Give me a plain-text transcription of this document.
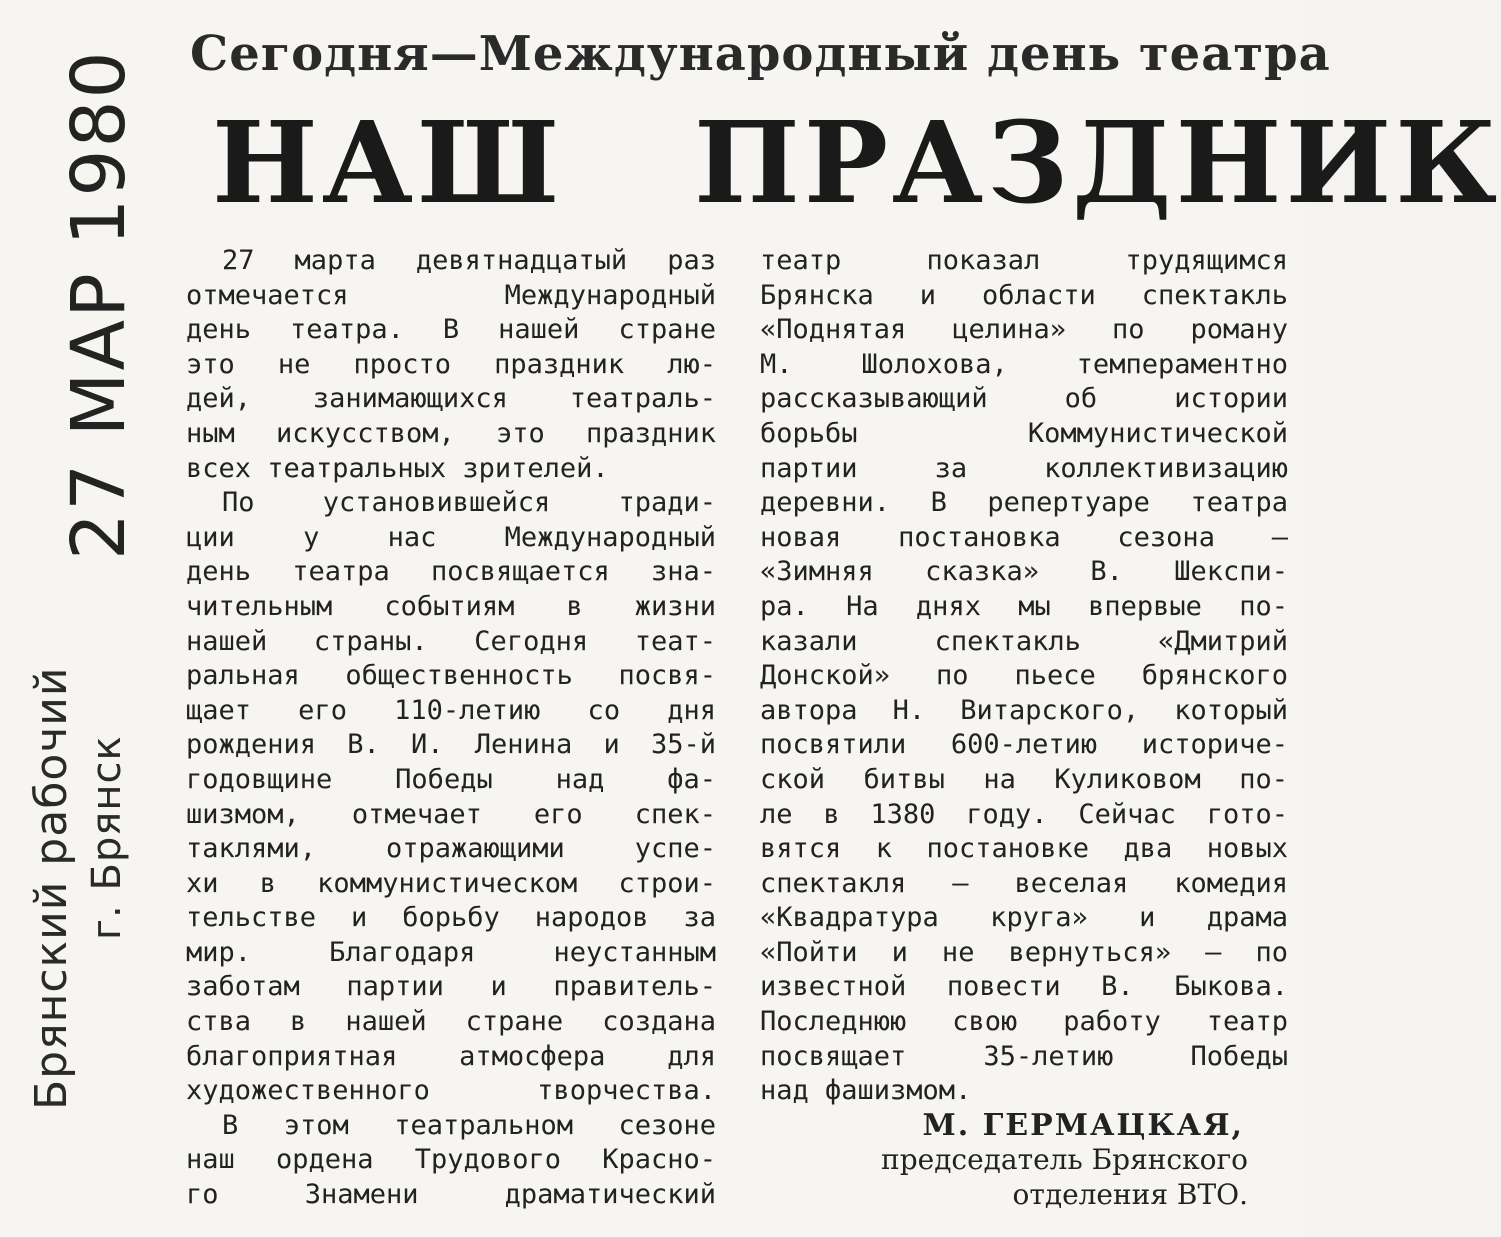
Сегодня—Международный день театра
НАШ ПРАЗДНИК
27 МАР 1980
Брянский рабочий г. Брянск
27 марта девятнадцатый раз
отмечается Международный
день театра. В нашей стране
это не просто праздник лю-
дей, занимающихся театраль-
ным искусством, это праздник
всех театральных зрителей.
По установившейся тради-
ции у нас Международный
день театра посвящается зна-
чительным событиям в жизни
нашей страны. Сегодня теат-
ральная общественность посвя-
щает его 110-летию со дня
рождения В. И. Ленина и 35-й
годовщине Победы над фа-
шизмом, отмечает его спек-
таклями, отражающими успе-
хи в коммунистическом строи-
тельстве и борьбу народов за
мир. Благодаря неустанным
заботам партии и правитель-
ства в нашей стране создана
благоприятная атмосфера для
художественного творчества.
В этом театральном сезоне
наш ордена Трудового Красно-
го Знамени драматический
театр показал трудящимся
Брянска и области спектакль
«Поднятая целина» по роману
М. Шолохова, темпераментно
рассказывающий об истории
борьбы Коммунистической
партии за коллективизацию
деревни. В репертуаре театра
новая постановка сезона —
«Зимняя сказка» В. Шекспи-
ра. На днях мы впервые по-
казали спектакль «Дмитрий
Донской» по пьесе брянского
автора Н. Витарского, который
посвятили 600-летию историче-
ской битвы на Куликовом по-
ле в 1380 году. Сейчас гото-
вятся к постановке два новых
спектакля — веселая комедия
«Квадратура круга» и драма
«Пойти и не вернуться» — по
известной повести В. Быкова.
Последнюю свою работу театр
посвящает 35-летию Победы
над фашизмом.
М. ГЕРМАЦКАЯ,
председатель Брянского
отделения ВТО.
